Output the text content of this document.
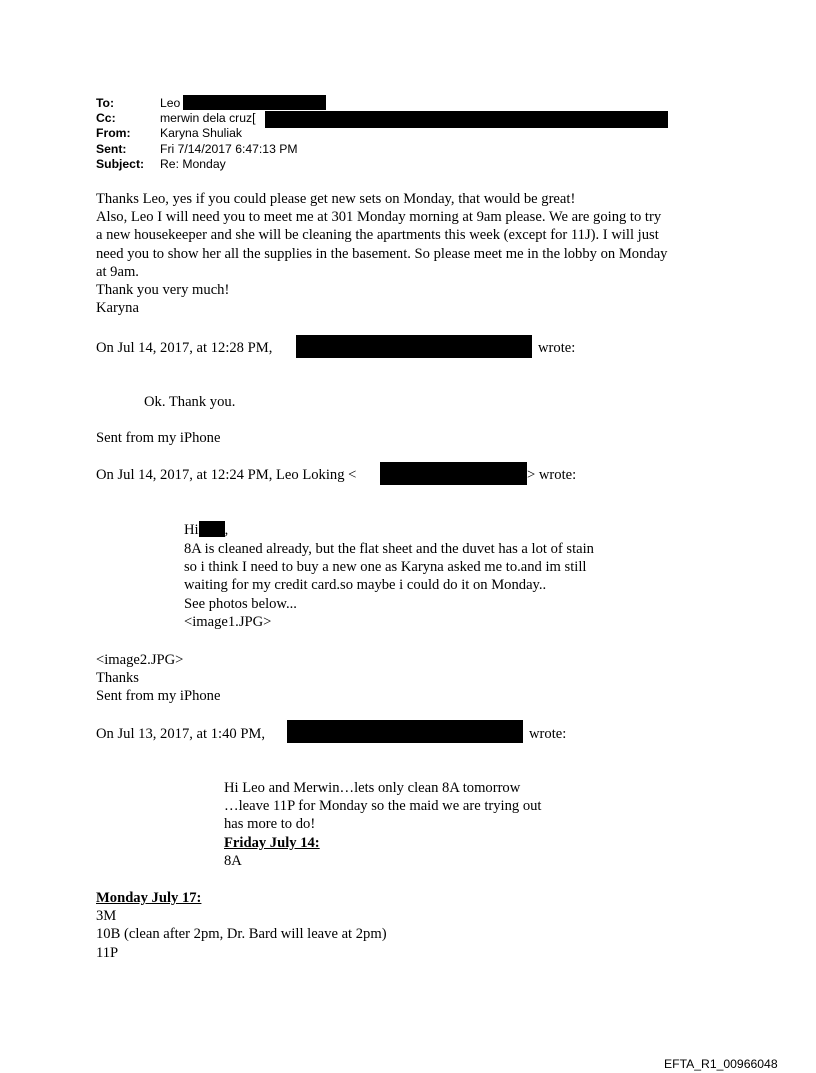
To:	Leo
Cc:	merwin dela cruz[
From:	Karyna Shuliak
Sent:	Fri 7/14/2017 6:47:13 PM
Subject:	Re: Monday
Thanks Leo, yes if you could please get new sets on Monday, that would be great!
Also, Leo I will need you to meet me at 301 Monday morning at 9am please. We are going to try
a new housekeeper and she will be cleaning the apartments this week (except for 11J). I will just
need you to show her all the supplies in the basement. So please meet me in the lobby on Monday
at 9am.
Thank you very much!
Karyna
On Jul 14, 2017, at 12:28 PM,	wrote:
Ok. Thank you.
Sent from my iPhone
On Jul 14, 2017, at 12:24 PM, Leo Loking <	> wrote:
Hi ,
8A is cleaned already, but the flat sheet and the duvet has a lot of stain
so i think I need to buy a new one as Karyna asked me to.and im still
waiting for my credit card.so maybe i could do it on Monday..
See photos below...
<image1.JPG>
<image2.JPG>
Thanks
Sent from my iPhone
On Jul 13, 2017, at 1:40 PM,	wrote:
Hi Leo and Merwin…lets only clean 8A tomorrow
…leave 11P for Monday so the maid we are trying out
has more to do!
Friday July 14:
8A
Monday July 17:
3M
10B (clean after 2pm, Dr. Bard will leave at 2pm)
11P
EFTA_R1_00966048
